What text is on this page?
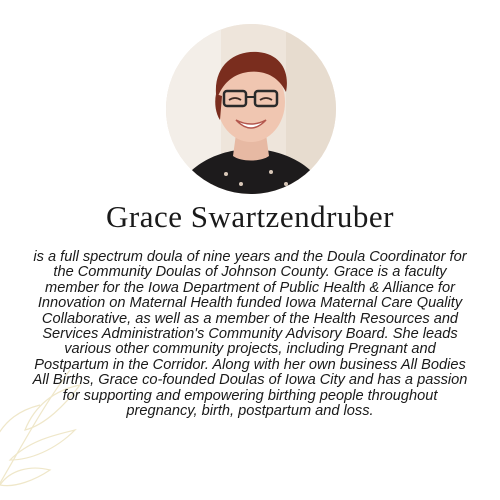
Grace Swartzendruber

is a full spectrum doula of nine years and the Doula Coordinator for the Community Doulas of Johnson County. Grace is a faculty member for the Iowa Department of Public Health & Alliance for Innovation on Maternal Health funded Iowa Maternal Care Quality Collaborative, as well as a member of the Health Resources and Services Administration's Community Advisory Board. She leads various other community projects, including Pregnant and Postpartum in the Corridor. Along with her own business All Bodies All Births, Grace co-founded Doulas of Iowa City and has a passion for supporting and empowering birthing people throughout pregnancy, birth, postpartum and loss.
